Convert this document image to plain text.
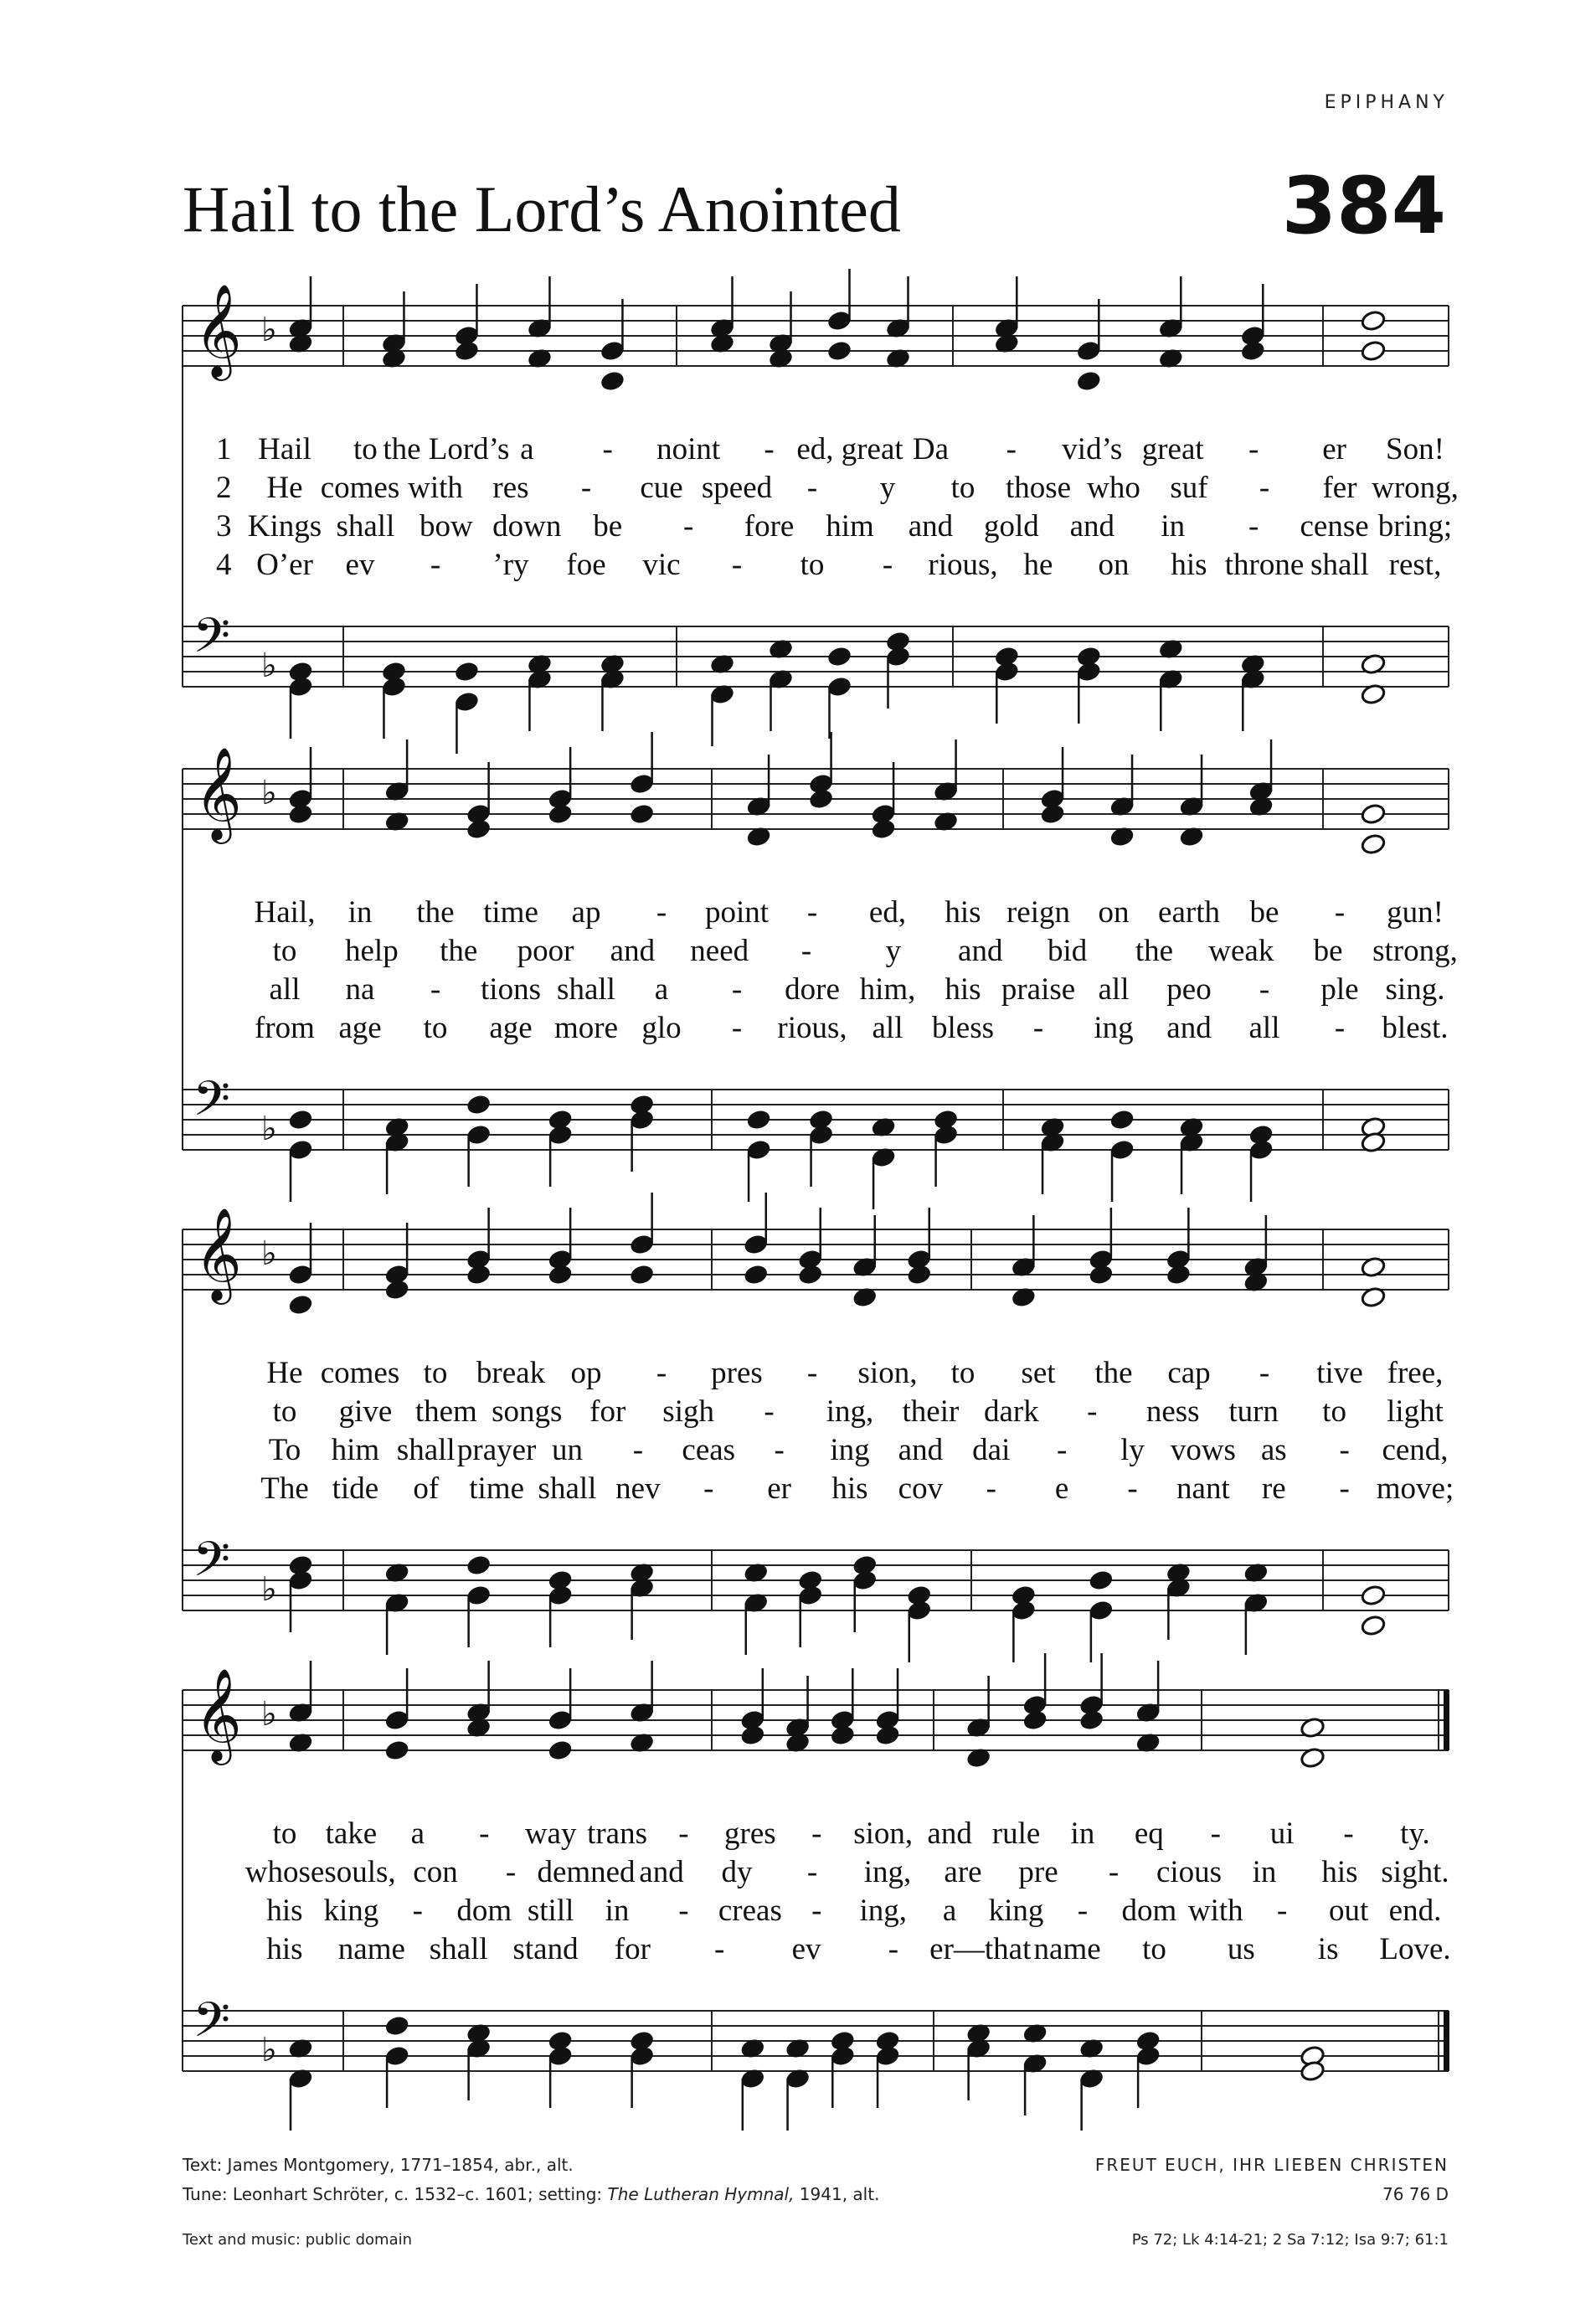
EPIPHANY
Hail to the Lord’s Anointed	384
𝄞 ♭
𝄢 ♭
1 Hail to the Lord’s a - noint - ed, great Da - vid’s great - er Son!
2 He comes with res - cue speed - y to those who suf - fer wrong,
3 Kings shall bow down be - fore him and gold and in - cense bring;
4 O’er ev - ’ry foe vic - to - rious, he on his throne shall rest,
𝄞 ♭
𝄢 ♭
Hail, in the time ap - point - ed, his reign on earth be - gun!
to help the poor and need - y and bid the weak be strong,
all na - tions shall a - dore him, his praise all peo - ple sing.
from age to age more glo - rious, all bless - ing and all - blest.
𝄞 ♭
𝄢 ♭
He comes to break op - pres - sion, to set the cap - tive free,
to give them songs for sigh - ing, their dark - ness turn to light
To him shall prayer un - ceas - ing and dai - ly vows as - cend,
The tide of time shall nev - er his cov - e - nant re - move;
𝄞 ♭
𝄢 ♭
to take a - way trans - gres - sion, and rule in eq - ui - ty.
whose souls, con - demned and dy - ing, are pre - cious in his sight.
his king - dom still in - creas - ing, a king - dom with - out end.
his name shall stand for - ev - er—that name to us is Love.
Text: James Montgomery, 1771–1854, abr., alt.
Tune: Leonhart Schröter, c. 1532–c. 1601; setting: The Lutheran Hymnal, 1941, alt.
Text and music: public domain
FREUT EUCH, IHR LIEBEN CHRISTEN
76 76 D
Ps 72; Lk 4:14-21; 2 Sa 7:12; Isa 9:7; 61:1
